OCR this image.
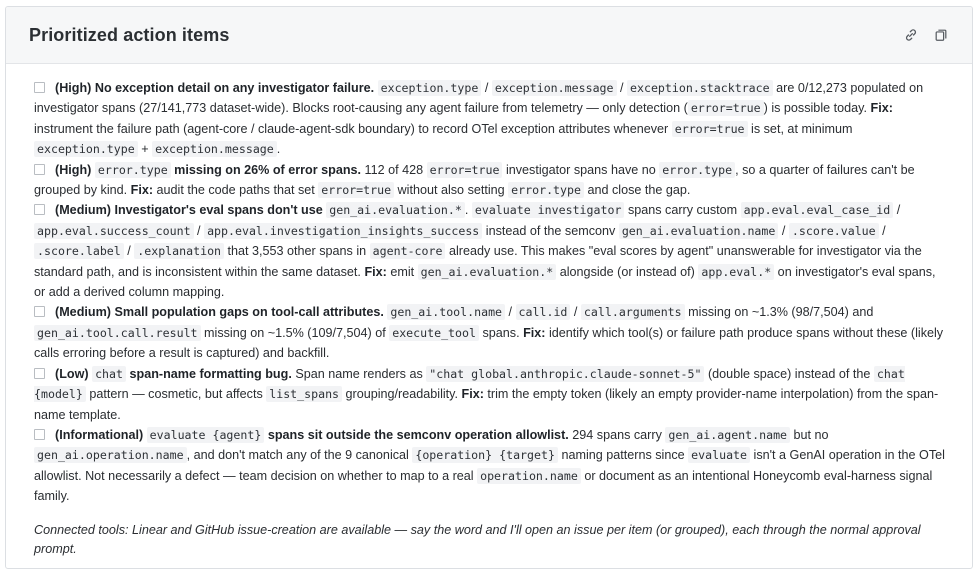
Prioritized action items
(High) No exception detail on any investigator failure. exception.type / exception.message / exception.stacktrace are 0/12,273 populated on investigator spans (27/141,773 dataset-wide). Blocks root-causing any agent failure from telemetry — only detection ( error=true ) is possible today. Fix: instrument the failure path (agent-core / claude-agent-sdk boundary) to record OTel exception attributes whenever error=true is set, at minimum exception.type + exception.message .
(High) error.type missing on 26% of error spans. 112 of 428 error=true investigator spans have no error.type , so a quarter of failures can't be grouped by kind. Fix: audit the code paths that set error=true without also setting error.type and close the gap.
(Medium) Investigator's eval spans don't use gen_ai.evaluation.* . evaluate investigator spans carry custom app.eval.eval_case_id / app.eval.success_count / app.eval.investigation_insights_success instead of the semconv gen_ai.evaluation.name / .score.value / .score.label / .explanation that 3,553 other spans in agent-core already use. This makes "eval scores by agent" unanswerable for investigator via the standard path, and is inconsistent within the same dataset. Fix: emit gen_ai.evaluation.* alongside (or instead of) app.eval.* on investigator's eval spans, or add a derived column mapping.
(Medium) Small population gaps on tool-call attributes. gen_ai.tool.name / call.id / call.arguments missing on ~1.3% (98/7,504) and gen_ai.tool.call.result missing on ~1.5% (109/7,504) of execute_tool spans. Fix: identify which tool(s) or failure path produce spans without these (likely calls erroring before a result is captured) and backfill.
(Low) chat span-name formatting bug. Span name renders as "chat global.anthropic.claude-sonnet-5" (double space) instead of the chat {model} pattern — cosmetic, but affects list_spans grouping/readability. Fix: trim the empty token (likely an empty provider-name interpolation) from the span-name template.
(Informational) evaluate {agent} spans sit outside the semconv operation allowlist. 294 spans carry gen_ai.agent.name but no gen_ai.operation.name , and don't match any of the 9 canonical {operation} {target} naming patterns since evaluate isn't a GenAI operation in the OTel allowlist. Not necessarily a defect — team decision on whether to map to a real operation.name or document as an intentional Honeycomb eval-harness signal family.

Connected tools: Linear and GitHub issue-creation are available — say the word and I'll open an issue per item (or grouped), each through the normal approval prompt.
